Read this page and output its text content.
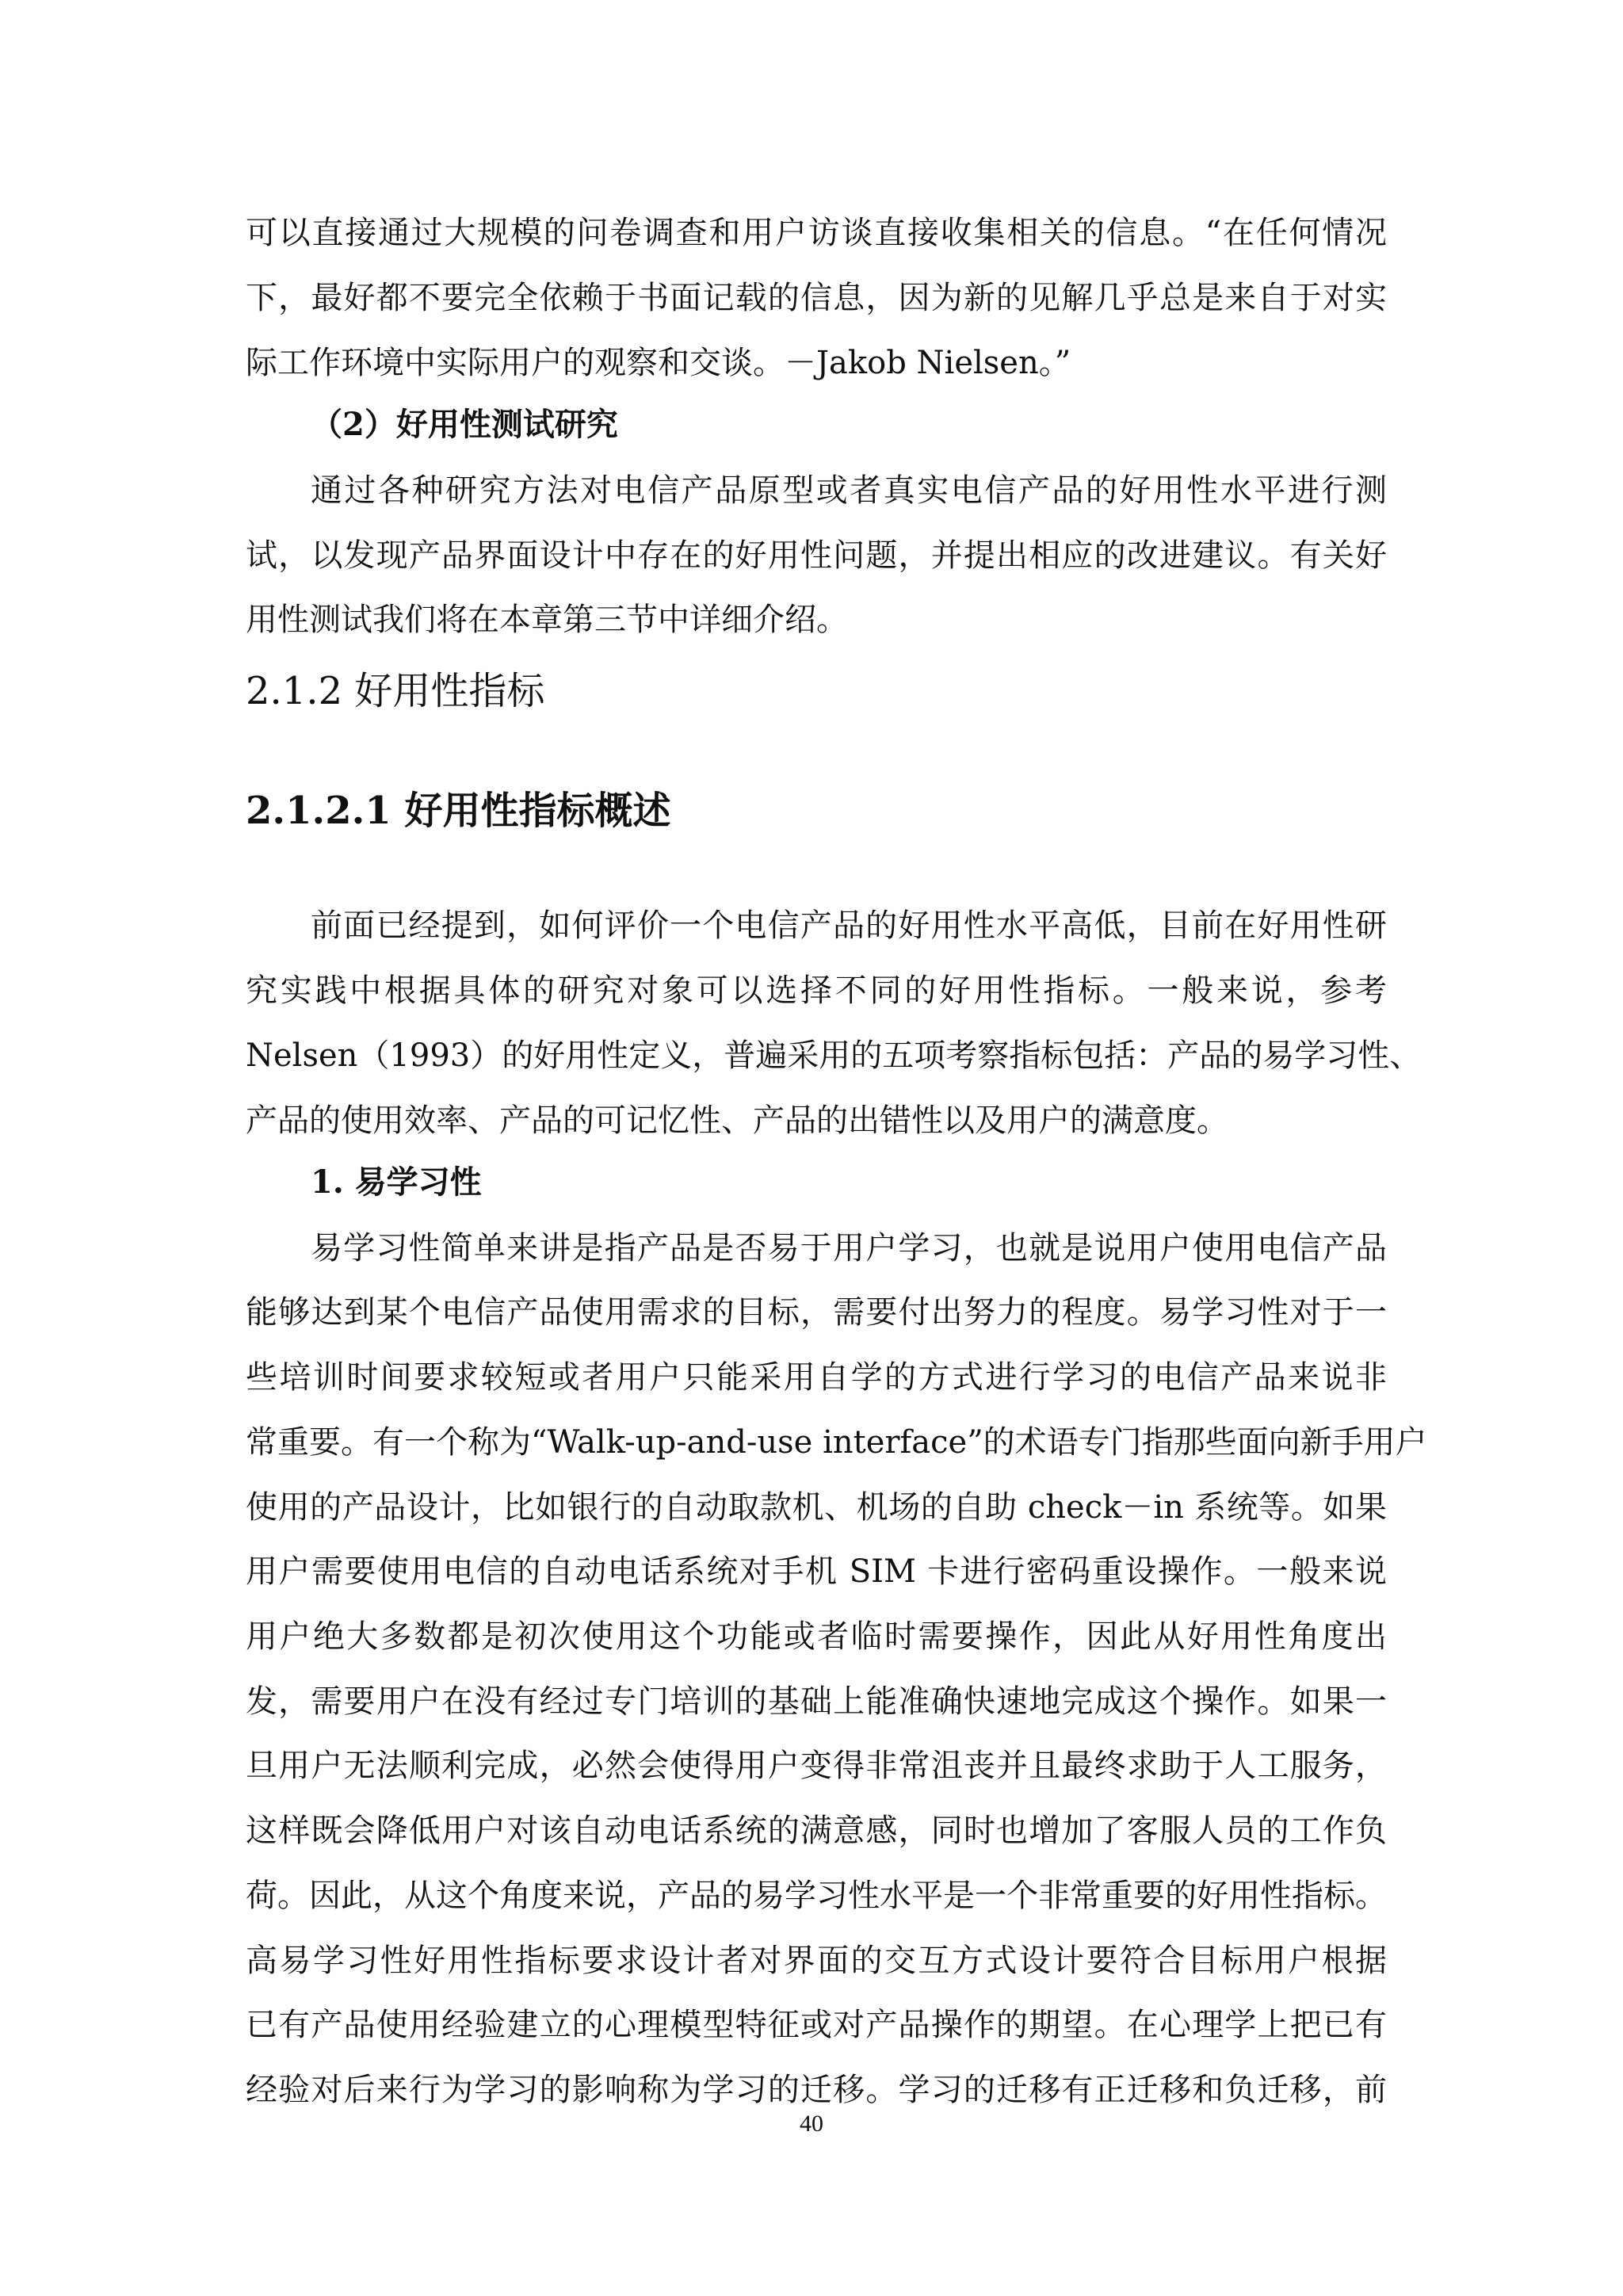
可以直接通过大规模的问卷调查和用户访谈直接收集相关的信息。“在任何情况
下，最好都不要完全依赖于书面记载的信息，因为新的见解几乎总是来自于对实
际工作环境中实际用户的观察和交谈。－Jakob Nielsen。”
（2）好用性测试研究
通过各种研究方法对电信产品原型或者真实电信产品的好用性水平进行测
试，以发现产品界面设计中存在的好用性问题，并提出相应的改进建议。有关好
用性测试我们将在本章第三节中详细介绍。
2.1.2 好用性指标
2.1.2.1 好用性指标概述
前面已经提到，如何评价一个电信产品的好用性水平高低，目前在好用性研
究实践中根据具体的研究对象可以选择不同的好用性指标。一般来说，参考
Nelsen（1993）的好用性定义，普遍采用的五项考察指标包括：产品的易学习性、
产品的使用效率、产品的可记忆性、产品的出错性以及用户的满意度。
1. 易学习性
易学习性简单来讲是指产品是否易于用户学习，也就是说用户使用电信产品
能够达到某个电信产品使用需求的目标，需要付出努力的程度。易学习性对于一
些培训时间要求较短或者用户只能采用自学的方式进行学习的电信产品来说非
常重要。有一个称为“Walk-up-and-use interface”的术语专门指那些面向新手用户
使用的产品设计，比如银行的自动取款机、机场的自助 check－in 系统等。如果
用户需要使用电信的自动电话系统对手机 SIM 卡进行密码重设操作。一般来说
用户绝大多数都是初次使用这个功能或者临时需要操作，因此从好用性角度出
发，需要用户在没有经过专门培训的基础上能准确快速地完成这个操作。如果一
旦用户无法顺利完成，必然会使得用户变得非常沮丧并且最终求助于人工服务，
这样既会降低用户对该自动电话系统的满意感，同时也增加了客服人员的工作负
荷。因此，从这个角度来说，产品的易学习性水平是一个非常重要的好用性指标。
高易学习性好用性指标要求设计者对界面的交互方式设计要符合目标用户根据
已有产品使用经验建立的心理模型特征或对产品操作的期望。在心理学上把已有
经验对后来行为学习的影响称为学习的迁移。学习的迁移有正迁移和负迁移，前
40
